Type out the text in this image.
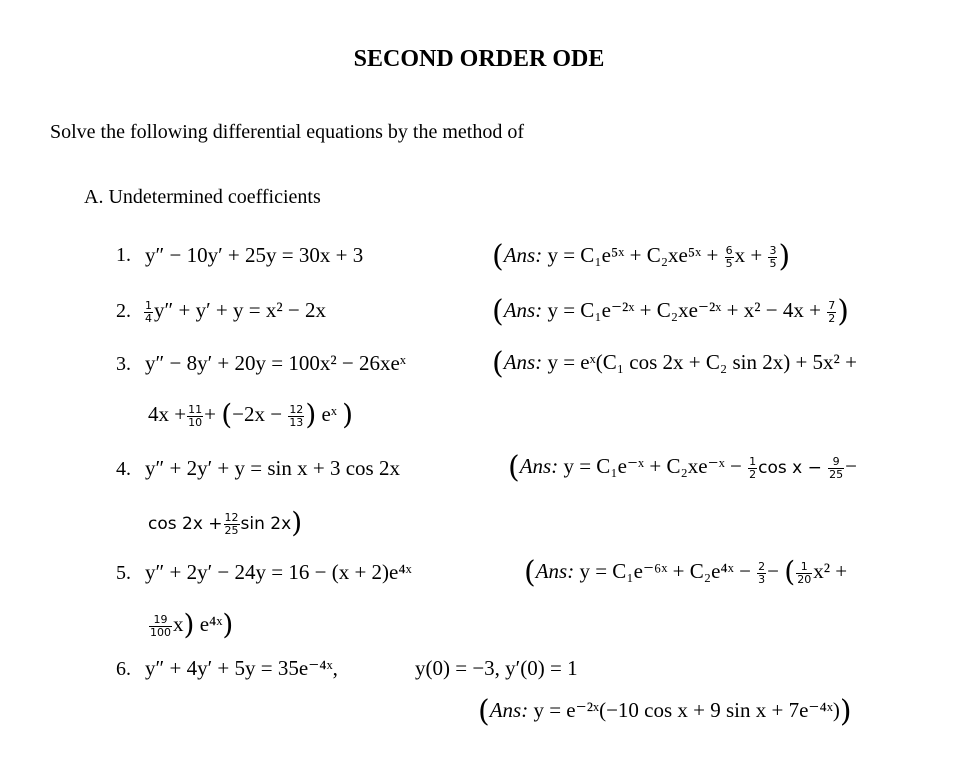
SECOND ORDER ODE
Solve the following differential equations by the method of
A. Undetermined coefficients
1. y″ − 10y′ + 25y = 30x + 3	(Ans: y = C₁e⁵ˣ + C₂xe⁵ˣ + $\frac{6}{5}$ $x + \frac{3}{5}$ )
2. $\frac{1}{4} y'' + y' + y = x^2 - 2x$	(Ans: y = C₁e⁻²ˣ + C₂xe⁻²ˣ + $x^2 - 4x + \frac{7}{2}$ )
3. y″ − 8y′ + 20y = 100x² − 26xeˣ	(Ans: y = eˣ(C₁ cos 2x + C₂ sin 2x) + 5x² +
$4x + \frac{11}{10} + (-2x - \frac{12}{13}$ ) eˣ )
4. y″ + 2y′ + y = sin x + 3 cos 2x	(Ans: y = C₁e⁻ˣ + C₂xe⁻ˣ − $\frac{1}{2}$ $\cos x - \frac{9}{25}$ −
$\cos 2x + \frac{12}{25}$ sin 2x)
5. y″ + 2y′ − 24y = 16 − (x + 2)e⁴ˣ	(Ans: y = C₁e⁻⁶ˣ + C₂e⁴ˣ − $\frac{2}{3}$ − ( $\frac{1}{20} x^2$ +
$\frac{19}{100} x$) e⁴ˣ)
6. y″ + 4y′ + 5y = 35e⁻⁴ˣ,	y(0) = −3, y′(0) = 1
(Ans: y = e⁻²ˣ(−10 cos x + 9 sin x + 7e⁻⁴ˣ))
